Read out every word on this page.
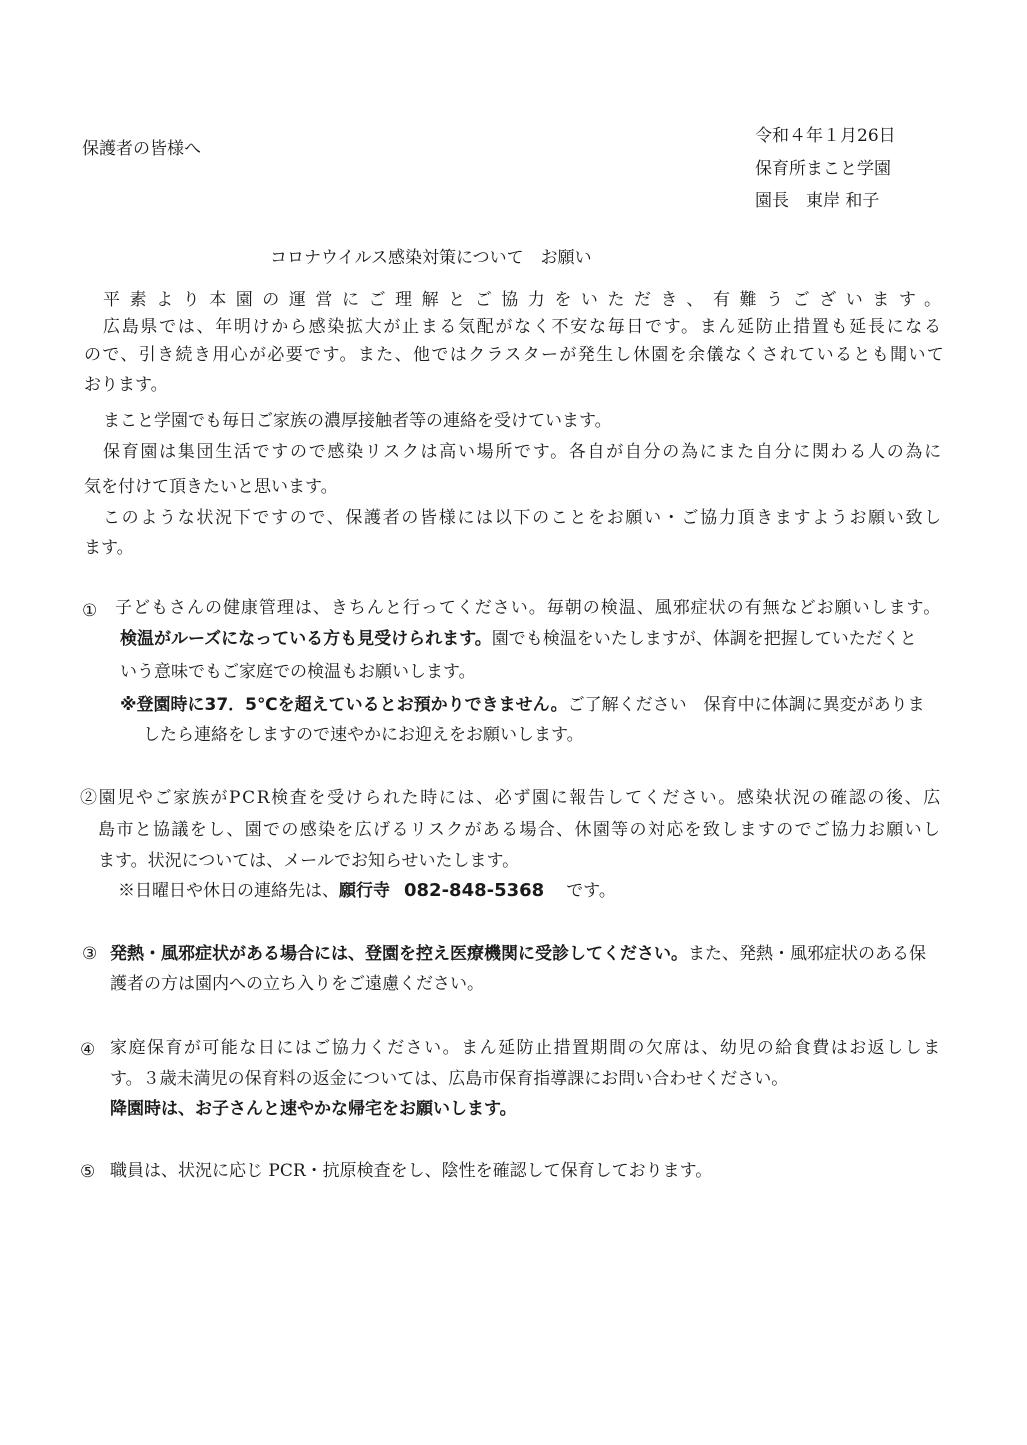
保護者の皆様へ
令和４年１月26日
保育所まこと学園
園長　東岸 和子
コロナウイルス感染対策について　お願い
平素より本園の運営にご理解とご協力をいただき、有難うございます。
広島県では、年明けから感染拡大が止まる気配がなく不安な毎日です。まん延防止措置も延長になる
ので、引き続き用心が必要です。また、他ではクラスターが発生し休園を余儀なくされているとも聞いて
おります。
まこと学園でも毎日ご家族の濃厚接触者等の連絡を受けています。
保育園は集団生活ですので感染リスクは高い場所です。各自が自分の為にまた自分に関わる人の為に
気を付けて頂きたいと思います。
このような状況下ですので、保護者の皆様には以下のことをお願い・ご協力頂きますようお願い致し
ます。
① 子どもさんの健康管理は、きちんと行ってください。毎朝の検温、風邪症状の有無などお願いします。
検温がルーズになっている方も見受けられます。園でも検温をいたしますが、体調を把握していただくと
いう意味でもご家庭での検温もお願いします。
※登園時に37．5℃を超えているとお預かりできません。ご了解ください　保育中に体調に異変がありま
したら連絡をしますので速やかにお迎えをお願いします。
②園児やご家族がPCR検査を受けられた時には、必ず園に報告してください。感染状況の確認の後、広
島市と協議をし、園での感染を広げるリスクがある場合、休園等の対応を致しますのでご協力お願いし
ます。状況については、メールでお知らせいたします。
※日曜日や休日の連絡先は、願行寺 082-848-5368 です。
③ 発熱・風邪症状がある場合には、登園を控え医療機関に受診してください。また、発熱・風邪症状のある保
護者の方は園内への立ち入りをご遠慮ください。
④ 家庭保育が可能な日にはご協力ください。まん延防止措置期間の欠席は、幼児の給食費はお返ししま
す。３歳未満児の保育料の返金については、広島市保育指導課にお問い合わせください。
降園時は、お子さんと速やかな帰宅をお願いします。
⑤ 職員は、状況に応じ PCR・抗原検査をし、陰性を確認して保育しております。
